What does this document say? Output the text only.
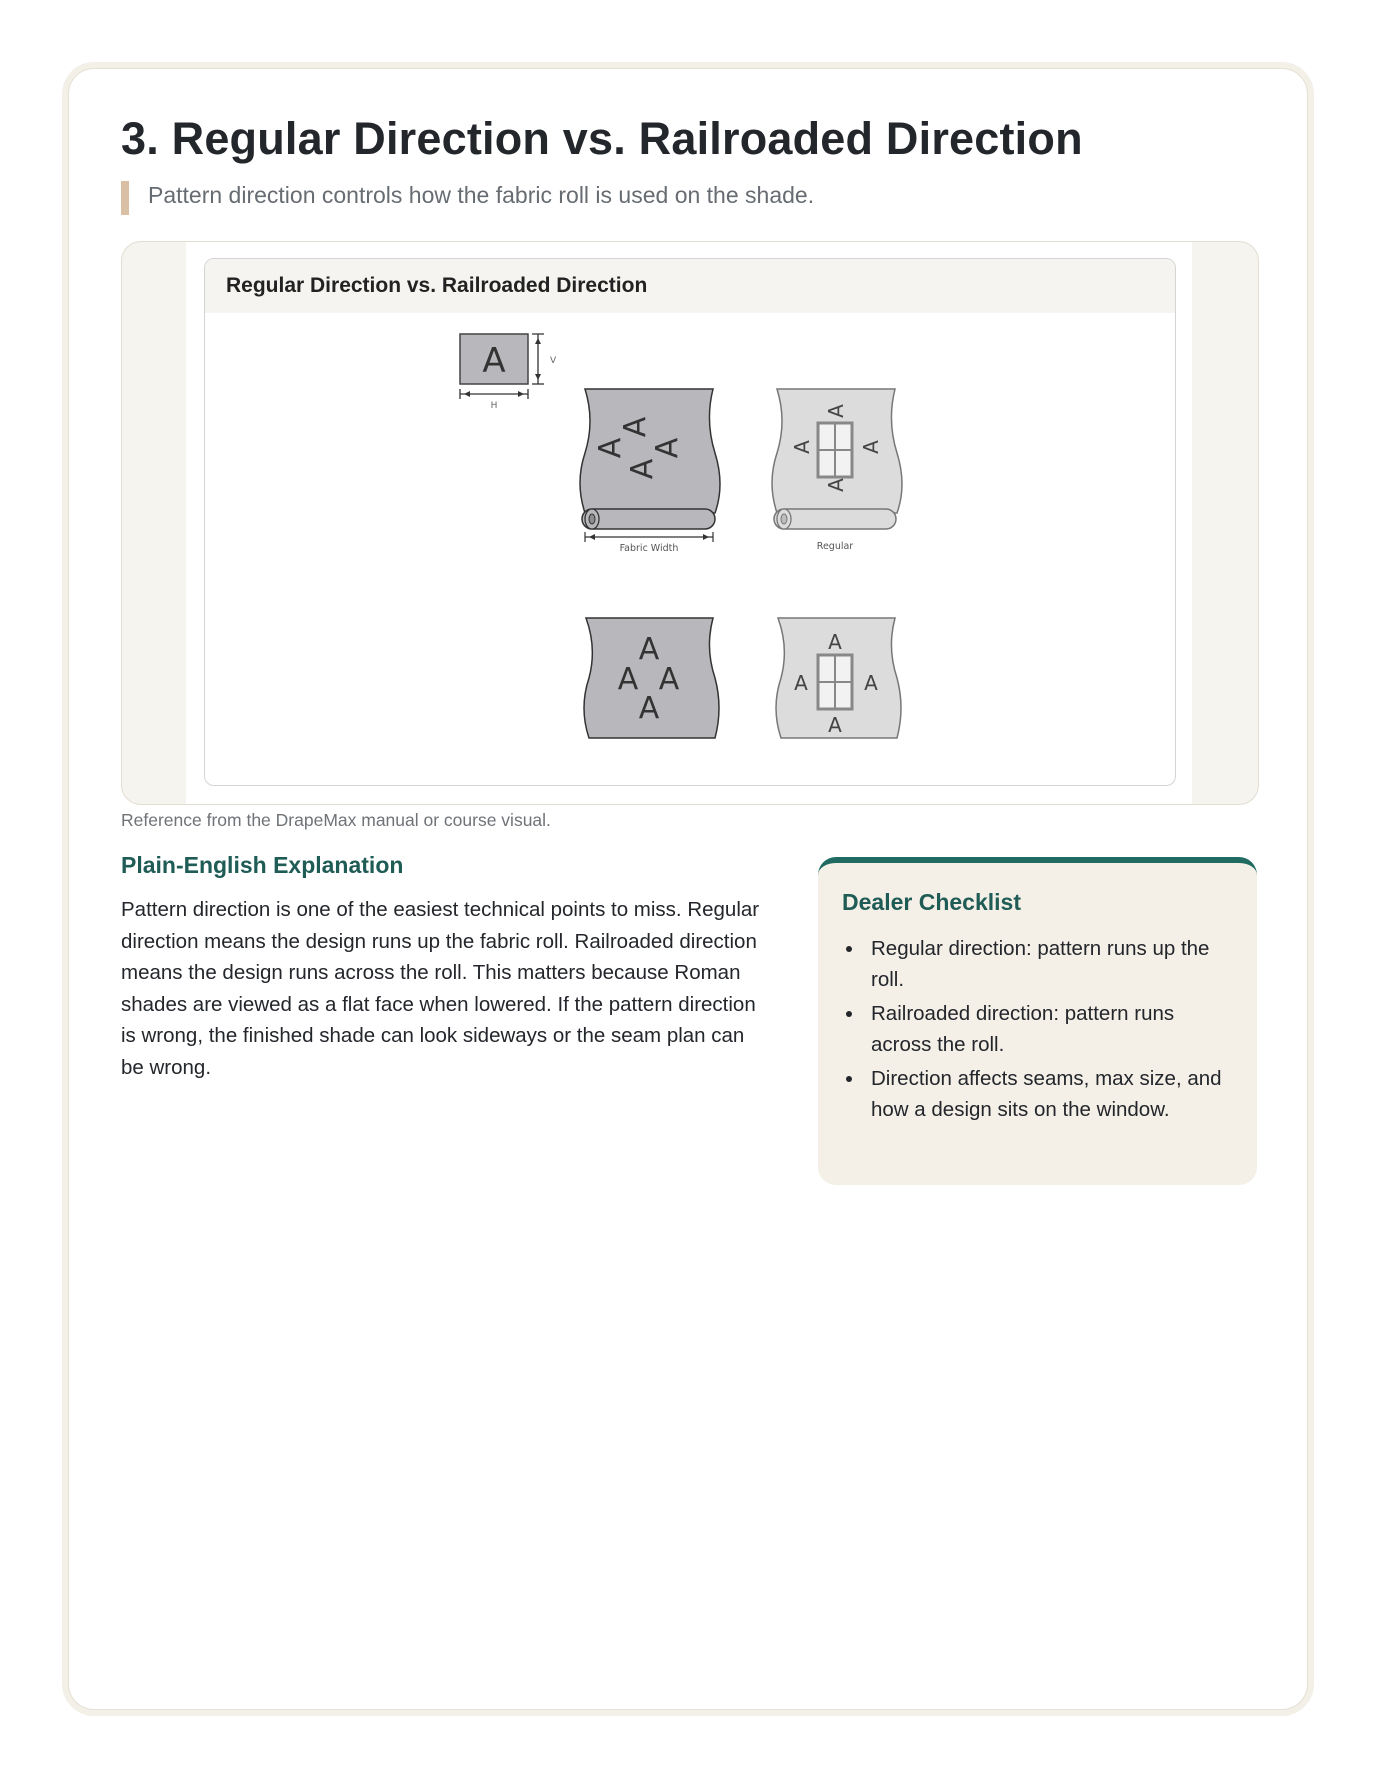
3. Regular Direction vs. Railroaded Direction
Pattern direction controls how the fabric roll is used on the shade.
Regular Direction vs. Railroaded Direction
A	V
H
A
A
A
A
Fabric Width
A
A
A A
Regular
A
A A
A
A
A
A	A
Reference from the DrapeMax manual or course visual.
Plain-English Explanation

Pattern direction is one of the easiest technical points to miss. Regular direction means the design runs up the fabric roll. Railroaded direction means the design runs across the roll. This matters because Roman shades are viewed as a flat face when lowered. If the pattern direction is wrong, the finished shade can look sideways or the seam plan can be wrong.

Dealer Checklist
Regular direction: pattern runs up the roll.
Railroaded direction: pattern runs across the roll.
Direction affects seams, max size, and how a design sits on the window.
